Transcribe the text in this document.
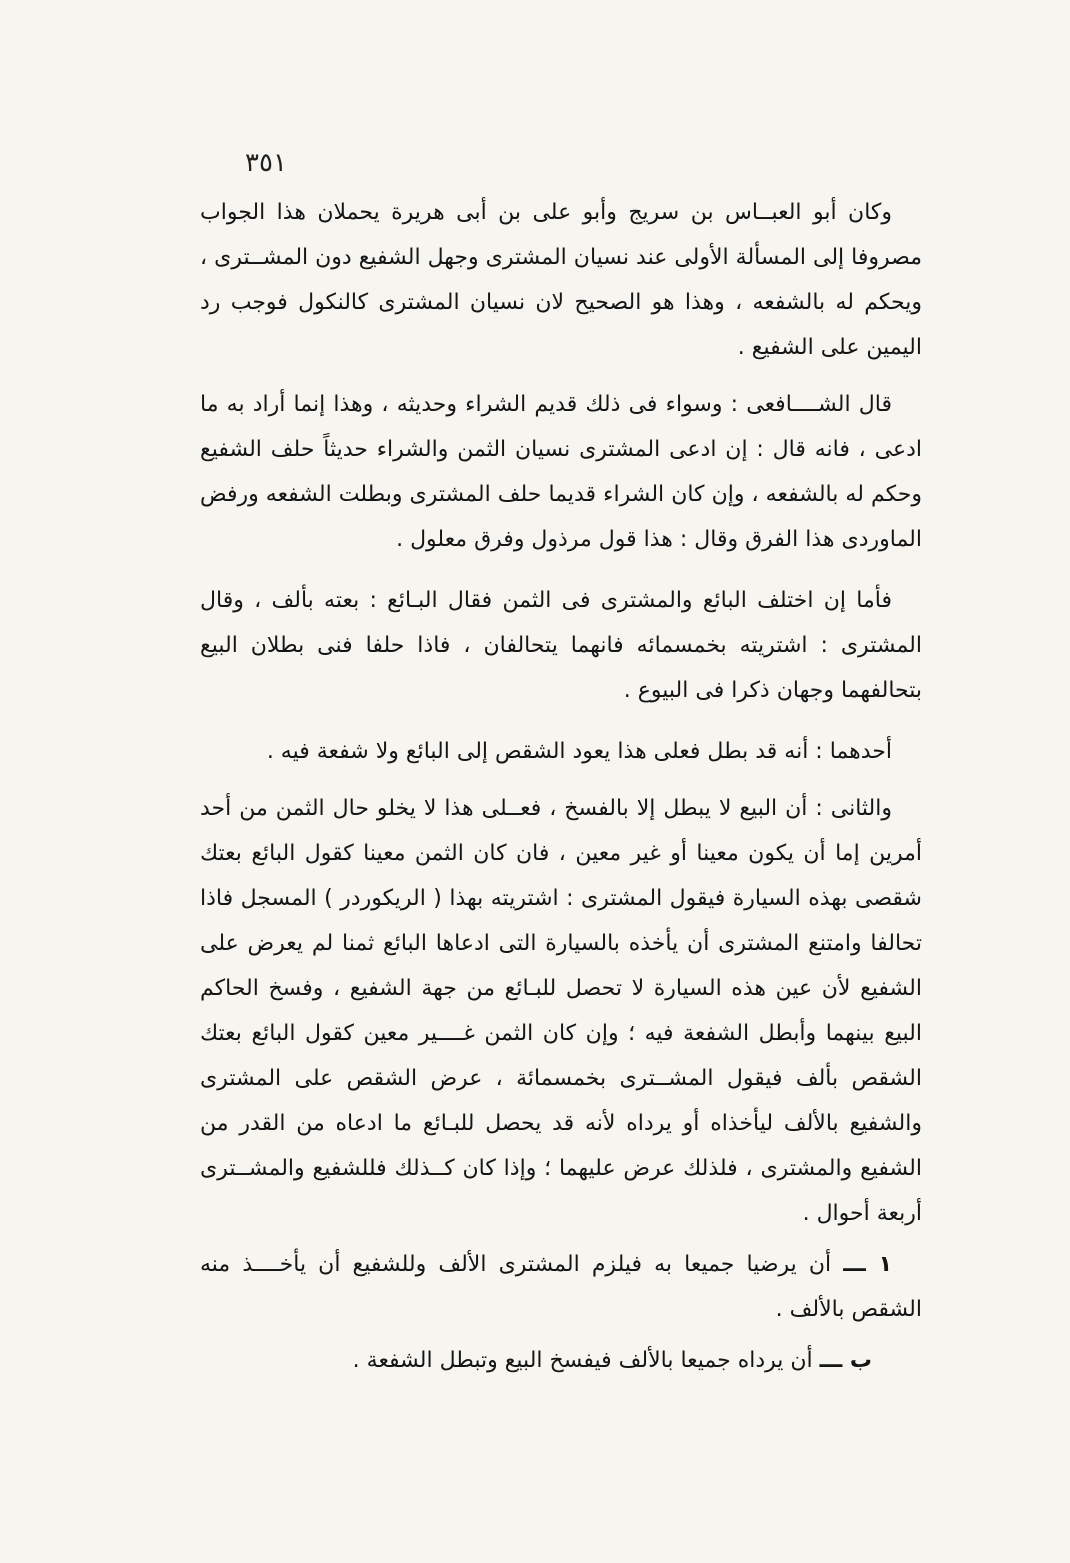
٣٥١

وكان أبو العبــاس بن سريج وأبو على بن أبى هريرة يحملان هذا الجواب مصروفا إلى المسألة الأولى عند نسيان المشترى وجهل الشفيع دون المشــترى ، ويحكم له بالشفعه ، وهذا هو الصحيح لان نسيان المشترى كالنكول فوجب رد اليمين على الشفيع .

قال الشــــافعى : وسواء فى ذلك قديم الشراء وحديثه ، وهذا إنما أراد به ما ادعى ، فانه قال : إن ادعى المشترى نسيان الثمن والشراء حديثاً حلف الشفيع وحكم له بالشفعه ، وإن كان الشراء قديما حلف المشترى وبطلت الشفعه ورفض الماوردى هذا الفرق وقال : هذا قول مرذول وفرق معلول .

فأما إن اختلف البائع والمشترى فى الثمن فقال البـائع : بعته بألف ، وقال المشترى : اشتريته بخمسمائه فانهما يتحالفان ، فاذا حلفا فنى بطلان البيع بتحالفهما وجهان ذكرا فى البيوع .

أحدهما : أنه قد بطل فعلى هذا يعود الشقص إلى البائع ولا شفعة فيه .

والثانى : أن البيع لا يبطل إلا بالفسخ ، فعــلى هذا لا يخلو حال الثمن من أحد أمرين إما أن يكون معينا أو غير معين ، فان كان الثمن معينا كقول البائع بعتك شقصى بهذه السيارة فيقول المشترى : اشتريته بهذا ( الريكوردر ) المسجل فاذا تحالفا وامتنع المشترى أن يأخذه بالسيارة التى ادعاها البائع ثمنا لم يعرض على الشفيع لأن عين هذه السيارة لا تحصل للبـائع من جهة الشفيع ، وفسخ الحاكم البيع بينهما وأبطل الشفعة فيه ؛ وإن كان الثمن غــــير معين كقول البائع بعتك الشقص بألف فيقول المشــترى بخمسمائة ، عرض الشقص على المشترى والشفيع بالألف ليأخذاه أو يرداه لأنه قد يحصل للبـائع ما ادعاه من القدر من الشفيع والمشترى ، فلذلك عرض عليهما ؛ وإذا كان كــذلك فللشفيع والمشــترى أربعة أحوال .

١ ـــ أن يرضيا جميعا به فيلزم المشترى الألف وللشفيع أن يأخــــذ منه الشقص بالألف .

ب ـــ أن يرداه جميعا بالألف فيفسخ البيع وتبطل الشفعة .
